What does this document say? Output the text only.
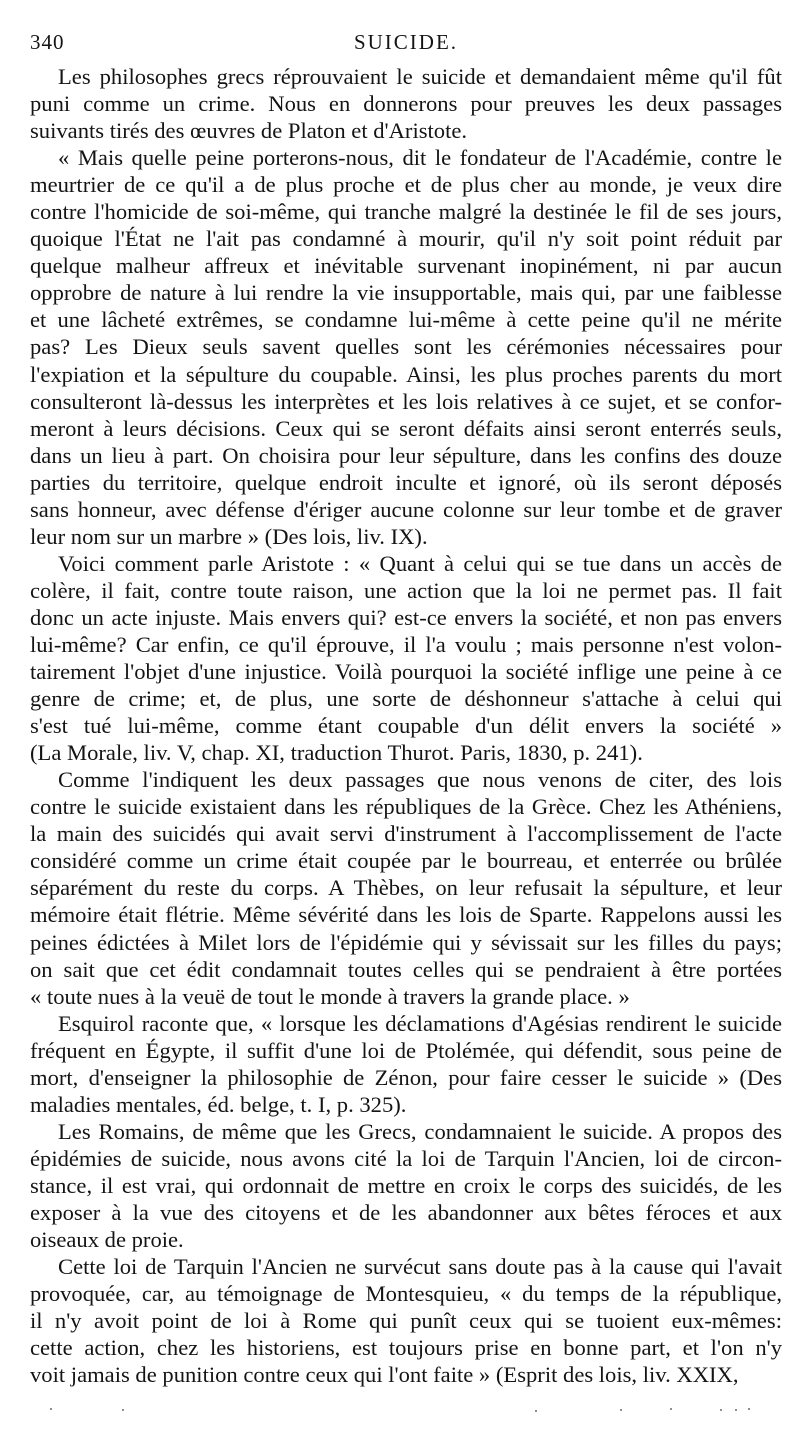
340	SUICIDE.

Les philosophes grecs réprouvaient le suicide et demandaient même qu'il fût
puni comme un crime. Nous en donnerons pour preuves les deux passages
suivants tirés des œuvres de Platon et d'Aristote.

« Mais quelle peine porterons-nous, dit le fondateur de l'Académie, contre le
meurtrier de ce qu'il a de plus proche et de plus cher au monde, je veux dire
contre l'homicide de soi-même, qui tranche malgré la destinée le fil de ses jours,
quoique l'État ne l'ait pas condamné à mourir, qu'il n'y soit point réduit par
quelque malheur affreux et inévitable survenant inopinément, ni par aucun
opprobre de nature à lui rendre la vie insupportable, mais qui, par une faiblesse
et une lâcheté extrêmes, se condamne lui-même à cette peine qu'il ne mérite
pas? Les Dieux seuls savent quelles sont les cérémonies nécessaires pour
l'expiation et la sépulture du coupable. Ainsi, les plus proches parents du mort
consulteront là-dessus les interprètes et les lois relatives à ce sujet, et se confor-
meront à leurs décisions. Ceux qui se seront défaits ainsi seront enterrés seuls,
dans un lieu à part. On choisira pour leur sépulture, dans les confins des douze
parties du territoire, quelque endroit inculte et ignoré, où ils seront déposés
sans honneur, avec défense d'ériger aucune colonne sur leur tombe et de graver
leur nom sur un marbre » (Des lois, liv. IX).

Voici comment parle Aristote : « Quant à celui qui se tue dans un accès de
colère, il fait, contre toute raison, une action que la loi ne permet pas. Il fait
donc un acte injuste. Mais envers qui? est-ce envers la société, et non pas envers
lui-même? Car enfin, ce qu'il éprouve, il l'a voulu ; mais personne n'est volon-
tairement l'objet d'une injustice. Voilà pourquoi la société inflige une peine à ce
genre de crime; et, de plus, une sorte de déshonneur s'attache à celui qui
s'est tué lui-même, comme étant coupable d'un délit envers la société »
(La Morale, liv. V, chap. XI, traduction Thurot. Paris, 1830, p. 241).

Comme l'indiquent les deux passages que nous venons de citer, des lois
contre le suicide existaient dans les républiques de la Grèce. Chez les Athéniens,
la main des suicidés qui avait servi d'instrument à l'accomplissement de l'acte
considéré comme un crime était coupée par le bourreau, et enterrée ou brûlée
séparément du reste du corps. A Thèbes, on leur refusait la sépulture, et leur
mémoire était flétrie. Même sévérité dans les lois de Sparte. Rappelons aussi les
peines édictées à Milet lors de l'épidémie qui y sévissait sur les filles du pays;
on sait que cet édit condamnait toutes celles qui se pendraient à être portées
« toute nues à la veuë de tout le monde à travers la grande place. »

Esquirol raconte que, « lorsque les déclamations d'Agésias rendirent le suicide
fréquent en Égypte, il suffit d'une loi de Ptolémée, qui défendit, sous peine de
mort, d'enseigner la philosophie de Zénon, pour faire cesser le suicide » (Des
maladies mentales, éd. belge, t. I, p. 325).

Les Romains, de même que les Grecs, condamnaient le suicide. A propos des
épidémies de suicide, nous avons cité la loi de Tarquin l'Ancien, loi de circon-
stance, il est vrai, qui ordonnait de mettre en croix le corps des suicidés, de les
exposer à la vue des citoyens et de les abandonner aux bêtes féroces et aux
oiseaux de proie.

Cette loi de Tarquin l'Ancien ne survécut sans doute pas à la cause qui l'avait
provoquée, car, au témoignage de Montesquieu, « du temps de la république,
il n'y avoit point de loi à Rome qui punît ceux qui se tuoient eux-mêmes:
cette action, chez les historiens, est toujours prise en bonne part, et l'on n'y
voit jamais de punition contre ceux qui l'ont faite » (Esprit des lois, liv. XXIX,
